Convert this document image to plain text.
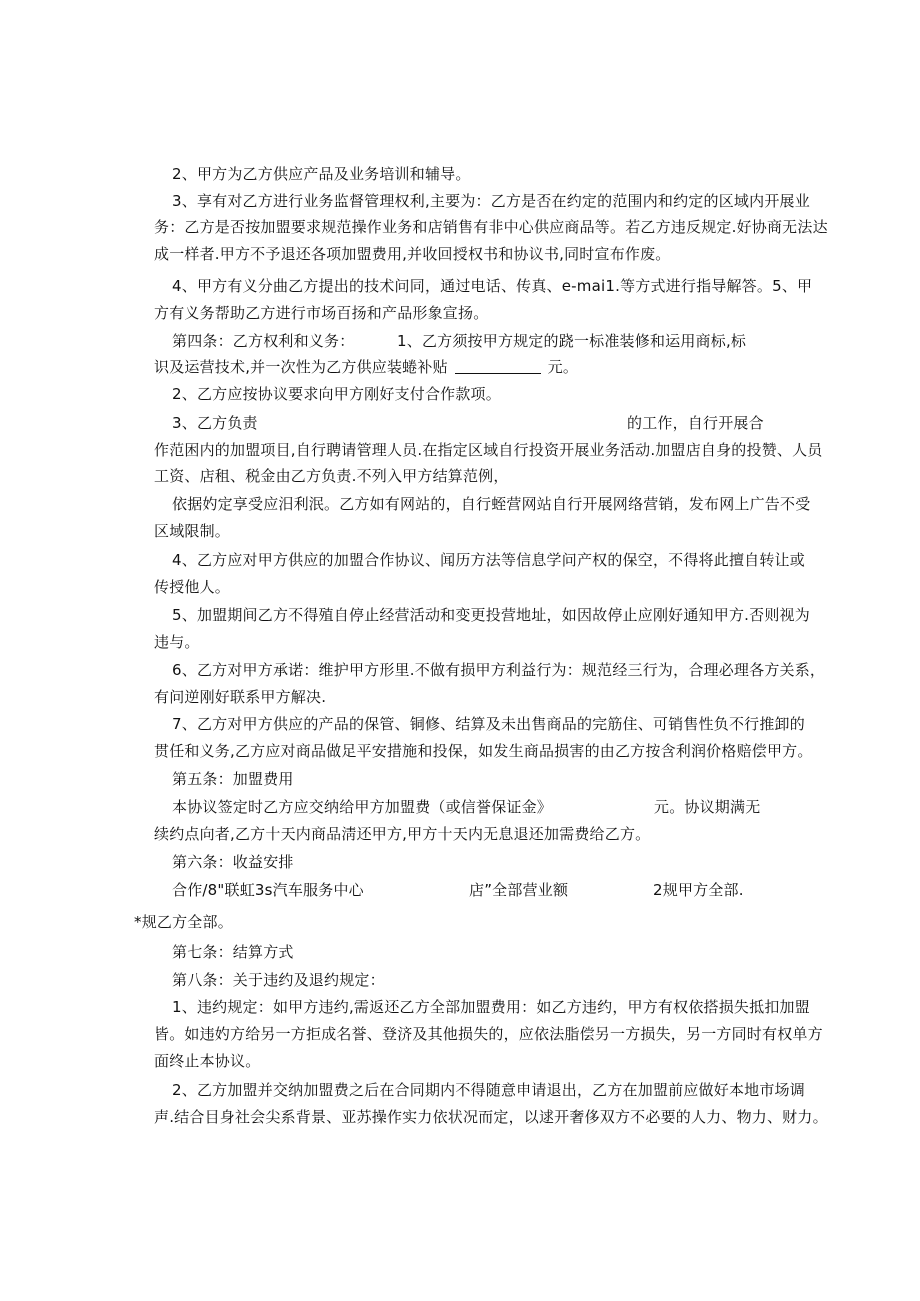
2、甲方为乙方供应产品及业务培训和辅导。
3、享有对乙方进行业务监督管理权利,主要为：乙方是否在约定的范围内和约定的区域内开展业
务：乙方是否按加盟要求规范操作业务和店销售有非中心供应商品等。若乙方违反规定.好协商无法达
成一样者.甲方不予退还各项加盟费用,并收回授权书和协议书,同时宣布作废。
4、甲方有义分曲乙方提出的技术问同，通过电话、传真、e-mai1.等方式进行指导解答。5、甲
方有义务帮助乙方进行市场百扬和产品形象宣扬。
第四条：乙方权利和义务：	1、乙方须按甲方规定的跷一标准装修和运用商标,标
识及运营技术,并一次性为乙方供应装蜷补贴	元。
2、乙方应按协议要求向甲方刚好支付合作款项。
3、乙方负责	的工作，自行开展合
作范困内的加盟项目,自行聘请管理人员.在指定区域自行投资开展业务活动.加盟店自身的投赞、人员
工资、店租、税金由乙方负责.不列入甲方结算范例，
依据妁定享受应汨利泯。乙方如有网站的，自行蛭营网站自行开展网络营销，发布网上广告不受
区域限制。
4、乙方应对甲方供应的加盟合作协议、闻历方法等信息学问产权的保空，不得将此擅自转让或
传授他人。
5、加盟期间乙方不得殖自停止经营活动和变更投营地址，如因故停止应刚好通知甲方.否则视为
违与。
6、乙方对甲方承诺：维护甲方形里.不做有损甲方利益行为：规范经三行为，合理必理各方关系，
有问逆刚好联系甲方解决.
7、乙方对甲方供应的产品的保管、铜修、结算及未出售商品的完筋住、可销售性负不行推卸的
贯任和义务,乙方应对商品做足平安措施和投保，如发生商品损害的由乙方按含利润价格赔偿甲方。
第五条：加盟费用
本协议签定时乙方应交纳给甲方加盟费（或信誉保证金》	元。协议期满无
续约点向者,乙方十天内商品淸还甲方,甲方十天内无息退还加需费给乙方。
第六条：收益安排
合作/8"联虹3s汽车服务中心	店”全部营业额	2规甲方全部.
*规乙方全部。
第七条：结算方式
第八条：关于违约及退约规定：
1、违约规定：如甲方违约,需返还乙方全部加盟费用：如乙方违约，甲方有权依搭损失抵扣加盟
皆。如违妁方给另一方拒成名誉、登济及其他损失的，应依法脂偿另一方损失，另一方同时有权单方
面终止本协议。
2、乙方加盟并交纳加盟费之后在合同期内不得随意申请退出，乙方在加盟前应做好本地市场调
声.结合目身社会尖系背景、亚苏操作实力依状况而定，以逑开奢侈双方不必要的人力、物力、财力。
